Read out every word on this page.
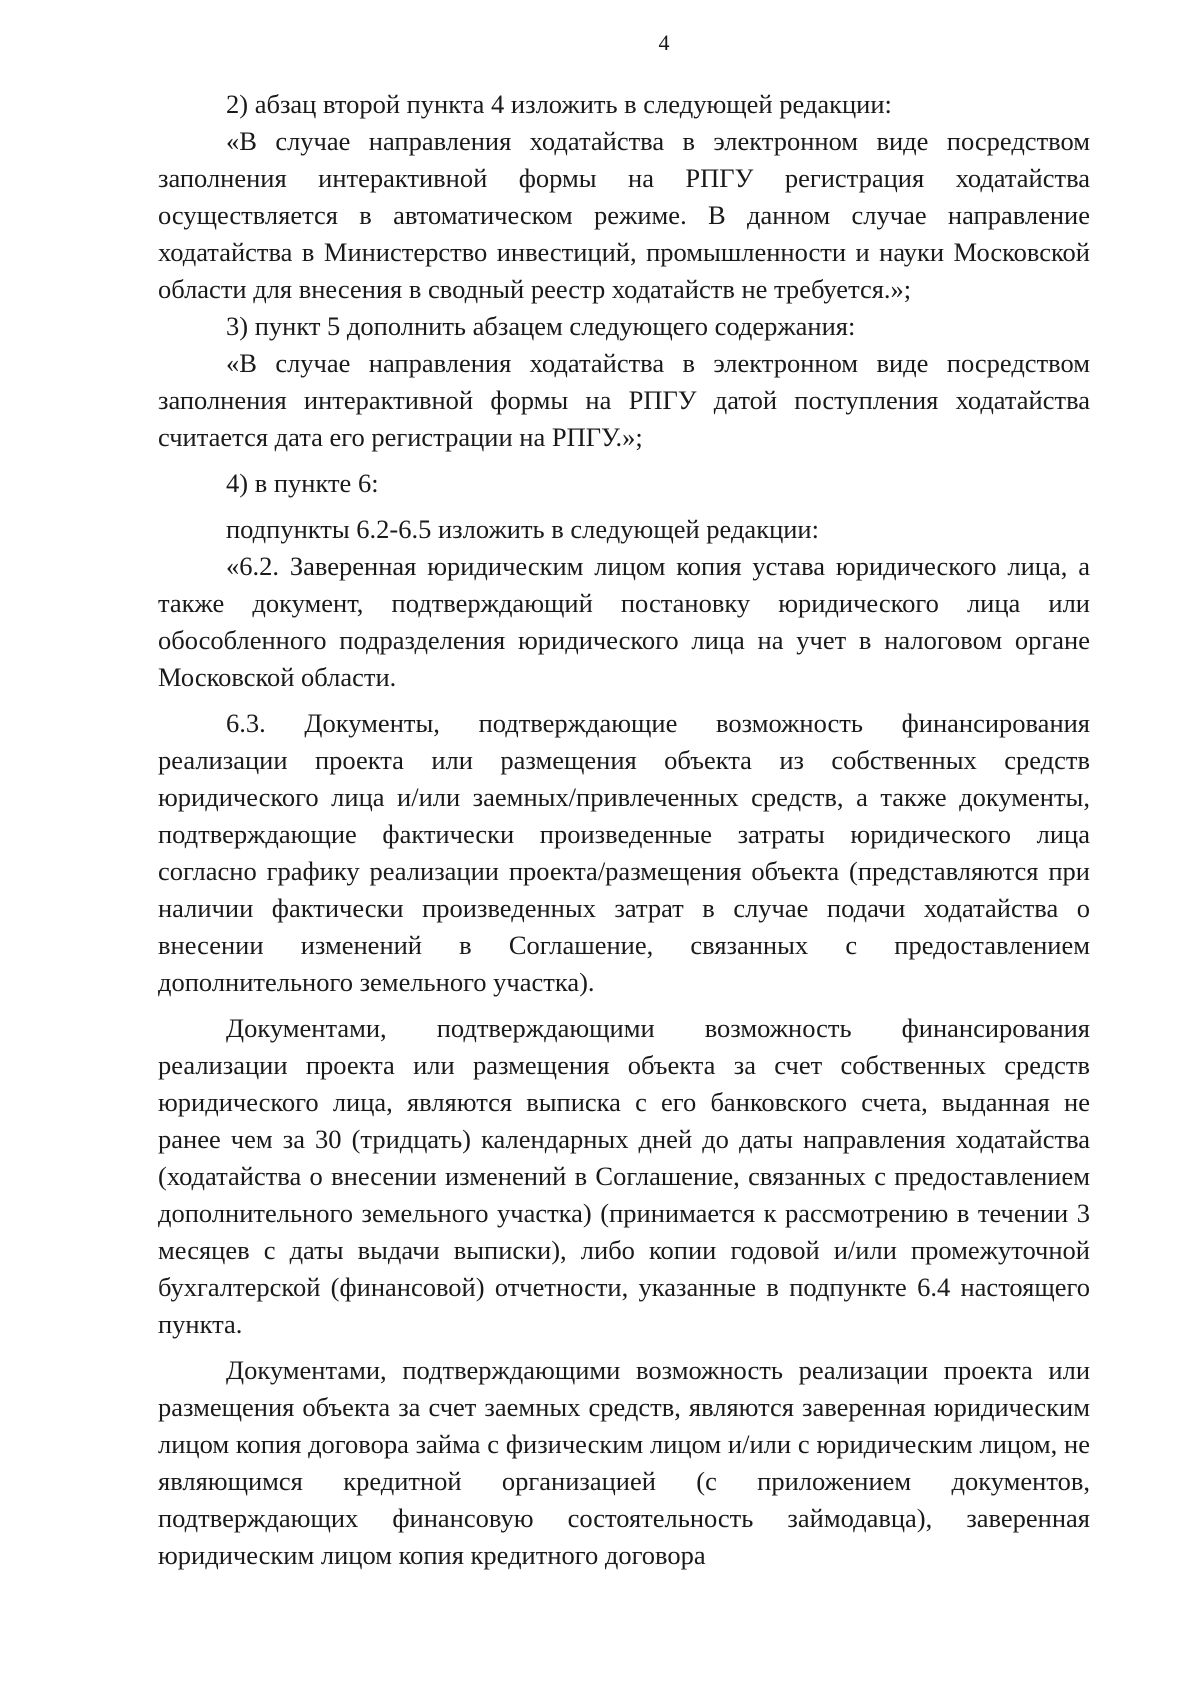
4

2) абзац второй пункта 4 изложить в следующей редакции:

«В случае направления ходатайства в электронном виде посредством заполнения интерактивной формы на РПГУ регистрация ходатайства осуществляется в автоматическом режиме. В данном случае направление ходатайства в Министерство инвестиций, промышленности и науки Московской области для внесения в сводный реестр ходатайств не требуется.»;

3) пункт 5 дополнить абзацем следующего содержания:

«В случае направления ходатайства в электронном виде посредством заполнения интерактивной формы на РПГУ датой поступления ходатайства считается дата его регистрации на РПГУ.»;

4) в пункте 6:

подпункты 6.2-6.5 изложить в следующей редакции:

«6.2. Заверенная юридическим лицом копия устава юридического лица, а также документ, подтверждающий постановку юридического лица или обособленного подразделения юридического лица на учет в налоговом органе Московской области.

6.3. Документы, подтверждающие возможность финансирования реализации проекта или размещения объекта из собственных средств юридического лица и/или заемных/привлеченных средств, а также документы, подтверждающие фактически произведенные затраты юридического лица согласно графику реализации проекта/размещения объекта (представляются при наличии фактически произведенных затрат в случае подачи ходатайства о внесении изменений в Соглашение, связанных с предоставлением дополнительного земельного участка).

Документами, подтверждающими возможность финансирования реализации проекта или размещения объекта за счет собственных средств юридического лица, являются выписка с его банковского счета, выданная не ранее чем за 30 (тридцать) календарных дней до даты направления ходатайства (ходатайства о внесении изменений в Соглашение, связанных с предоставлением дополнительного земельного участка) (принимается к рассмотрению в течении 3 месяцев с даты выдачи выписки), либо копии годовой и/или промежуточной бухгалтерской (финансовой) отчетности, указанные в подпункте 6.4 настоящего пункта.

Документами, подтверждающими возможность реализации проекта или размещения объекта за счет заемных средств, являются заверенная юридическим лицом копия договора займа с физическим лицом и/или с юридическим лицом, не являющимся кредитной организацией (с приложением документов, подтверждающих финансовую состоятельность займодавца), заверенная юридическим лицом копия кредитного договора
